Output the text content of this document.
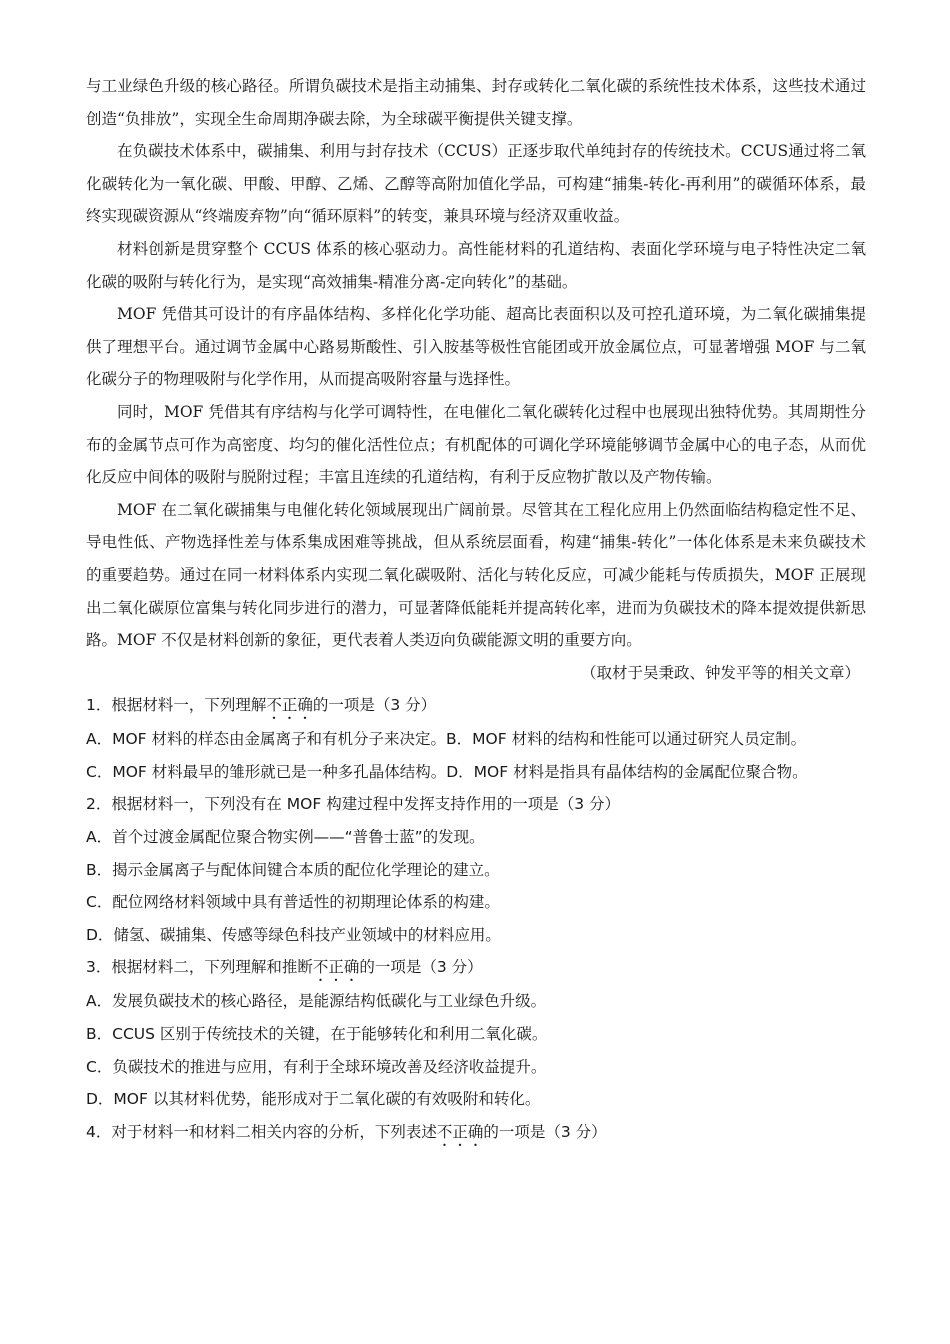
与工业绿色升级的核心路径。所谓负碳技术是指主动捕集、封存或转化二氧化碳的系统性技术体系，这些技术通过创造“负排放”，实现全生命周期净碳去除，为全球碳平衡提供关键支撑。

在负碳技术体系中，碳捕集、利用与封存技术（CCUS）正逐步取代单纯封存的传统技术。CCUS通过将二氧化碳转化为一氧化碳、甲酸、甲醇、乙烯、乙醇等高附加值化学品，可构建“捕集-转化-再利用”的碳循环体系，最终实现碳资源从“终端废弃物”向“循环原料”的转变，兼具环境与经济双重收益。

材料创新是贯穿整个 CCUS 体系的核心驱动力。高性能材料的孔道结构、表面化学环境与电子特性决定二氧化碳的吸附与转化行为，是实现“高效捕集-精准分离-定向转化”的基础。

MOF 凭借其可设计的有序晶体结构、多样化化学功能、超高比表面积以及可控孔道环境，为二氧化碳捕集提供了理想平台。通过调节金属中心路易斯酸性、引入胺基等极性官能团或开放金属位点，可显著增强 MOF 与二氧化碳分子的物理吸附与化学作用，从而提高吸附容量与选择性。

同时，MOF 凭借其有序结构与化学可调特性，在电催化二氧化碳转化过程中也展现出独特优势。其周期性分布的金属节点可作为高密度、均匀的催化活性位点；有机配体的可调化学环境能够调节金属中心的电子态，从而优化反应中间体的吸附与脱附过程；丰富且连续的孔道结构，有利于反应物扩散以及产物传输。

MOF 在二氧化碳捕集与电催化转化领域展现出广阔前景。尽管其在工程化应用上仍然面临结构稳定性不足、导电性低、产物选择性差与体系集成困难等挑战，但从系统层面看，构建“捕集-转化”一体化体系是未来负碳技术的重要趋势。通过在同一材料体系内实现二氧化碳吸附、活化与转化反应，可减少能耗与传质损失，MOF 正展现出二氧化碳原位富集与转化同步进行的潜力，可显著降低能耗并提高转化率，进而为负碳技术的降本提效提供新思路。MOF 不仅是材料创新的象征，更代表着人类迈向负碳能源文明的重要方向。

（取材于吴秉政、钟发平等的相关文章）

1．根据材料一，下列理解不正确的一项是（3 分）

A．MOF 材料的样态由金属离子和有机分子来决定。 B．MOF 材料的结构和性能可以通过研究人员定制。
C．MOF 材料最早的雏形就已是一种多孔晶体结构。 D．MOF 材料是指具有晶体结构的金属配位聚合物。

2．根据材料一，下列没有在 MOF 构建过程中发挥支持作用的一项是（3 分）

A．首个过渡金属配位聚合物实例——“普鲁士蓝”的发现。

B．揭示金属离子与配体间键合本质的配位化学理论的建立。

C．配位网络材料领域中具有普适性的初期理论体系的构建。

D．储氢、碳捕集、传感等绿色科技产业领域中的材料应用。

3．根据材料二，下列理解和推断不正确的一项是（3 分）

A．发展负碳技术的核心路径，是能源结构低碳化与工业绿色升级。

B．CCUS 区别于传统技术的关键，在于能够转化和利用二氧化碳。

C．负碳技术的推进与应用，有利于全球环境改善及经济收益提升。

D．MOF 以其材料优势，能形成对于二氧化碳的有效吸附和转化。

4．对于材料一和材料二相关内容的分析，下列表述不正确的一项是（3 分）
